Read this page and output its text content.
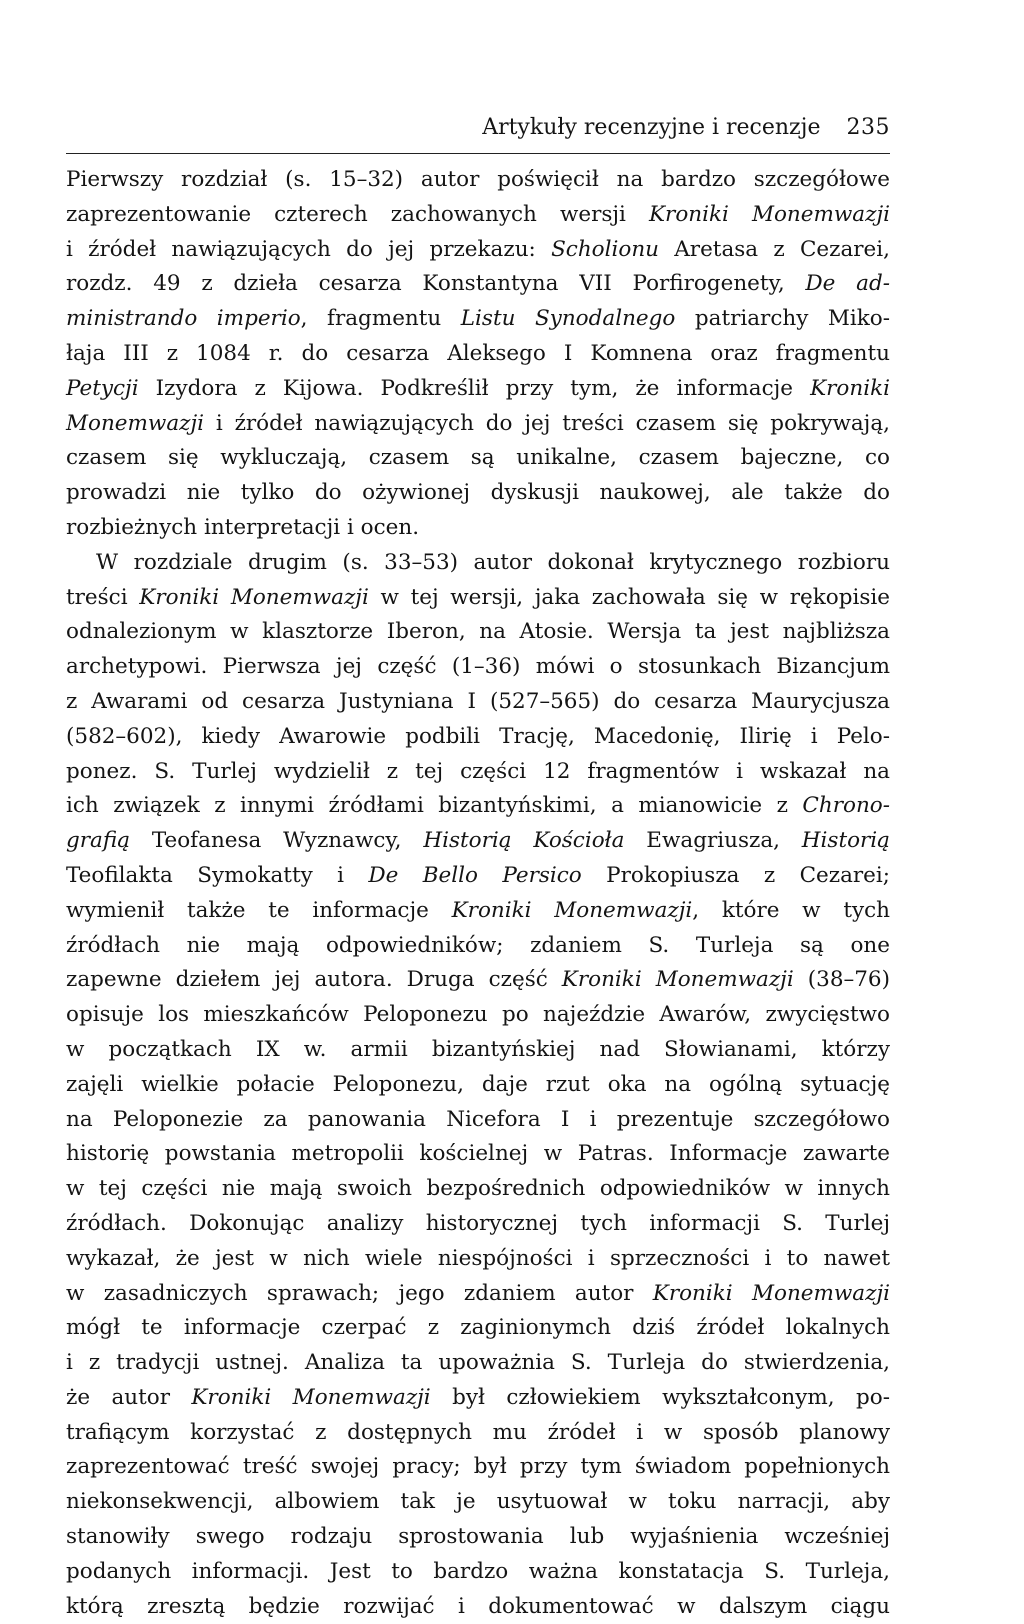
Artykuły recenzyjne i recenzje 235
Pierwszy rozdział (s. 15–32) autor poświęcił na bardzo szczegółowe
zaprezentowanie czterech zachowanych wersji Kroniki Monemwazji
i źródeł nawiązujących do jej przekazu: Scholionu Aretasa z Cezarei,
rozdz. 49 z dzieła cesarza Konstantyna VII Porfirogenety, De ad-
ministrando imperio, fragmentu Listu Synodalnego patriarchy Miko-
łaja III z 1084 r. do cesarza Aleksego I Komnena oraz fragmentu
Petycji Izydora z Kijowa. Podkreślił przy tym, że informacje Kroniki
Monemwazji i źródeł nawiązujących do jej treści czasem się pokrywają,
czasem się wykluczają, czasem są unikalne, czasem bajeczne, co
prowadzi nie tylko do ożywionej dyskusji naukowej, ale także do
rozbieżnych interpretacji i ocen.
W rozdziale drugim (s. 33–53) autor dokonał krytycznego rozbioru
treści Kroniki Monemwazji w tej wersji, jaka zachowała się w rękopisie
odnalezionym w klasztorze Iberon, na Atosie. Wersja ta jest najbliższa
archetypowi. Pierwsza jej część (1–36) mówi o stosunkach Bizancjum
z Awarami od cesarza Justyniana I (527–565) do cesarza Maurycjusza
(582–602), kiedy Awarowie podbili Trację, Macedonię, Ilirię i Pelo-
ponez. S. Turlej wydzielił z tej części 12 fragmentów i wskazał na
ich związek z innymi źródłami bizantyńskimi, a mianowicie z Chrono-
grafią Teofanesa Wyznawcy, Historią Kościoła Ewagriusza, Historią
Teofilakta Symokatty i De Bello Persico Prokopiusza z Cezarei;
wymienił także te informacje Kroniki Monemwazji, które w tych
źródłach nie mają odpowiedników; zdaniem S. Turleja są one
zapewne dziełem jej autora. Druga część Kroniki Monemwazji (38–76)
opisuje los mieszkańców Peloponezu po najeździe Awarów, zwycięstwo
w początkach IX w. armii bizantyńskiej nad Słowianami, którzy
zajęli wielkie połacie Peloponezu, daje rzut oka na ogólną sytuację
na Peloponezie za panowania Nicefora I i prezentuje szczegółowo
historię powstania metropolii kościelnej w Patras. Informacje zawarte
w tej części nie mają swoich bezpośrednich odpowiedników w innych
źródłach. Dokonując analizy historycznej tych informacji S. Turlej
wykazał, że jest w nich wiele niespójności i sprzeczności i to nawet
w zasadniczych sprawach; jego zdaniem autor Kroniki Monemwazji
mógł te informacje czerpać z zaginionymch dziś źródeł lokalnych
i z tradycji ustnej. Analiza ta upoważnia S. Turleja do stwierdzenia,
że autor Kroniki Monemwazji był człowiekiem wykształconym, po-
trafiącym korzystać z dostępnych mu źródeł i w sposób planowy
zaprezentować treść swojej pracy; był przy tym świadom popełnionych
niekonsekwencji, albowiem tak je usytuował w toku narracji, aby
stanowiły swego rodzaju sprostowania lub wyjaśnienia wcześniej
podanych informacji. Jest to bardzo ważna konstatacja S. Turleja,
którą zresztą będzie rozwijać i dokumentować w dalszym ciągu
